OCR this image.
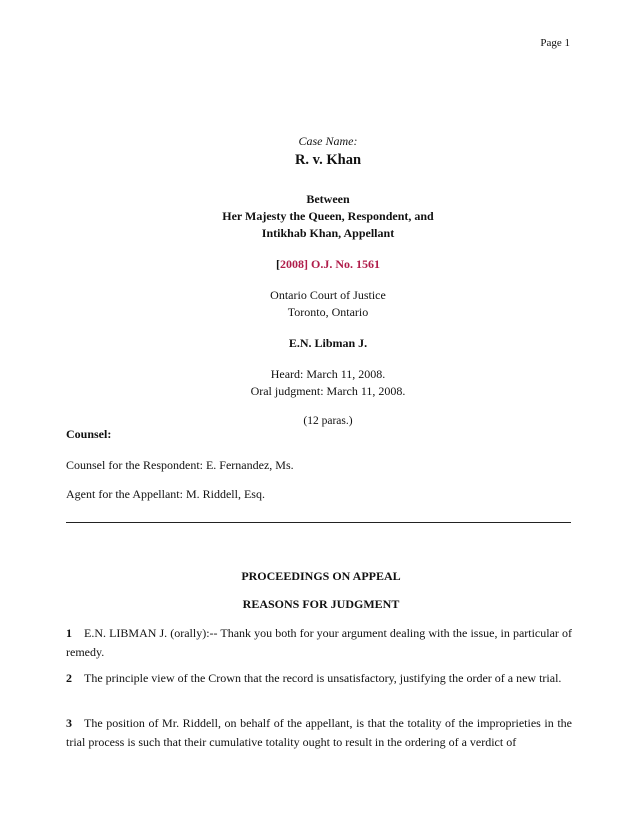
Page 1
Case Name:
R. v. Khan
Between
Her Majesty the Queen, Respondent, and
Intikhab Khan, Appellant
[2008] O.J. No. 1561
Ontario Court of Justice
Toronto, Ontario
E.N. Libman J.
Heard: March 11, 2008.
Oral judgment: March 11, 2008.
(12 paras.)
Counsel:
Counsel for the Respondent: E. Fernandez, Ms.
Agent for the Appellant: M. Riddell, Esq.
PROCEEDINGS ON APPEAL
REASONS FOR JUDGMENT
1 E.N. LIBMAN J. (orally):-- Thank you both for your argument dealing with the issue, in particular of remedy.
2 The principle view of the Crown that the record is unsatisfactory, justifying the order of a new trial.
3 The position of Mr. Riddell, on behalf of the appellant, is that the totality of the improprieties in the trial process is such that their cumulative totality ought to result in the ordering of a verdict of
